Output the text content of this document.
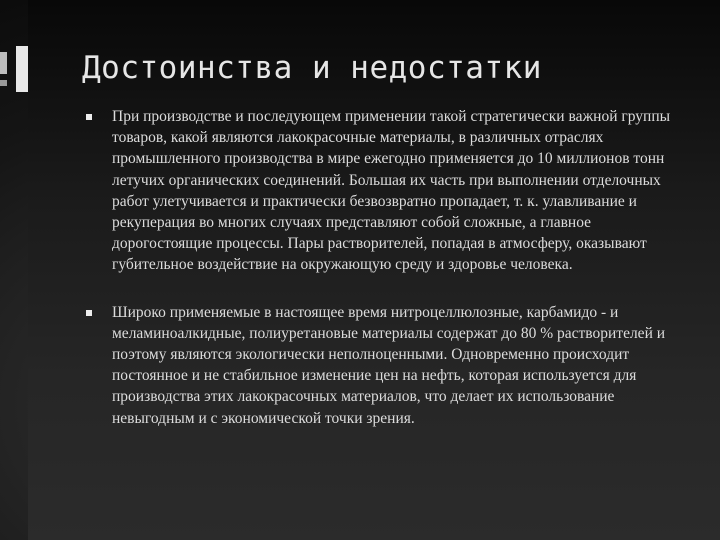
Достоинства и недостатки
При производстве и последующем применении такой стратегически важной группы товаров, какой являются лакокрасочные материалы, в различных отраслях промышленного производства в мире ежегодно применяется до 10 миллионов тонн летучих органических соединений. Большая их часть при выполнении отделочных работ улетучивается и практически безвозвратно пропадает, т. к. улавливание и рекуперация во многих случаях представляют собой сложные, а главное дорогостоящие процессы. Пары растворителей, попадая в атмосферу, оказывают губительное воздействие на окружающую среду и здоровье человека.
Широко применяемые в настоящее время нитроцеллюлозные, карбамидо - и меламиноалкидные, полиуретановые материалы содержат до 80 % растворителей и поэтому являются экологически неполноценными. Одновременно происходит постоянное и не стабильное изменение цен на нефть, которая используется для производства этих лакокрасочных материалов, что делает их использование невыгодным и с экономической точки зрения.
